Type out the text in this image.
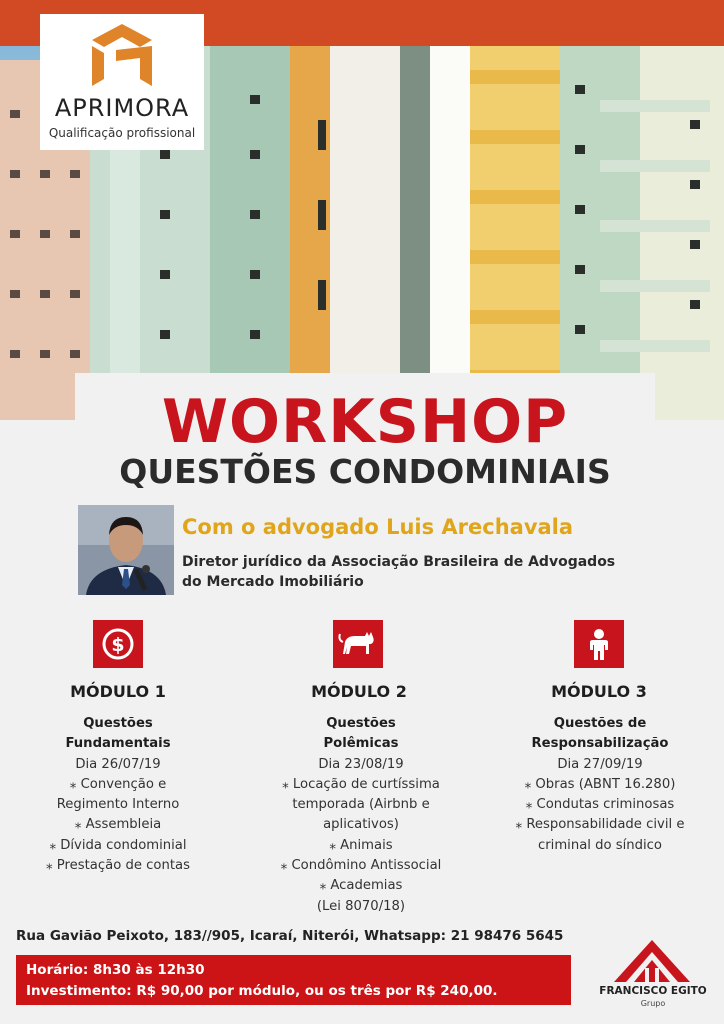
APRIMORA
Qualificação profissional
WORKSHOP
QUESTÕES CONDOMINIAIS
Com o advogado Luis Arechavala
Diretor jurídico da Associação Brasileira de Advogados
do Mercado Imobiliário
$
MÓDULO 1
Questões
Fundamentais
Dia 26/07/19
⁎ Convenção e
Regimento Interno
⁎ Assembleia
⁎ Dívida condominial
⁎ Prestação de contas
MÓDULO 2
Questões
Polêmicas
Dia 23/08/19
⁎ Locação de curtíssima
temporada (Airbnb e
aplicativos)
⁎ Animais
⁎ Condômino Antissocial
⁎ Academias
(Lei 8070/18)
MÓDULO 3
Questões de
Responsabilização
Dia 27/09/19
⁎ Obras (ABNT 16.280)
⁎ Condutas criminosas
⁎ Responsabilidade civil e
criminal do síndico
Rua Gavião Peixoto, 183//905, Icaraí, Niterói, Whatsapp: 21 98476 5645
Horário: 8h30 às 12h30
Investimento: R$ 90,00 por módulo, ou os três por R$ 240,00.	FRANCISCO EGITO
Grupo
